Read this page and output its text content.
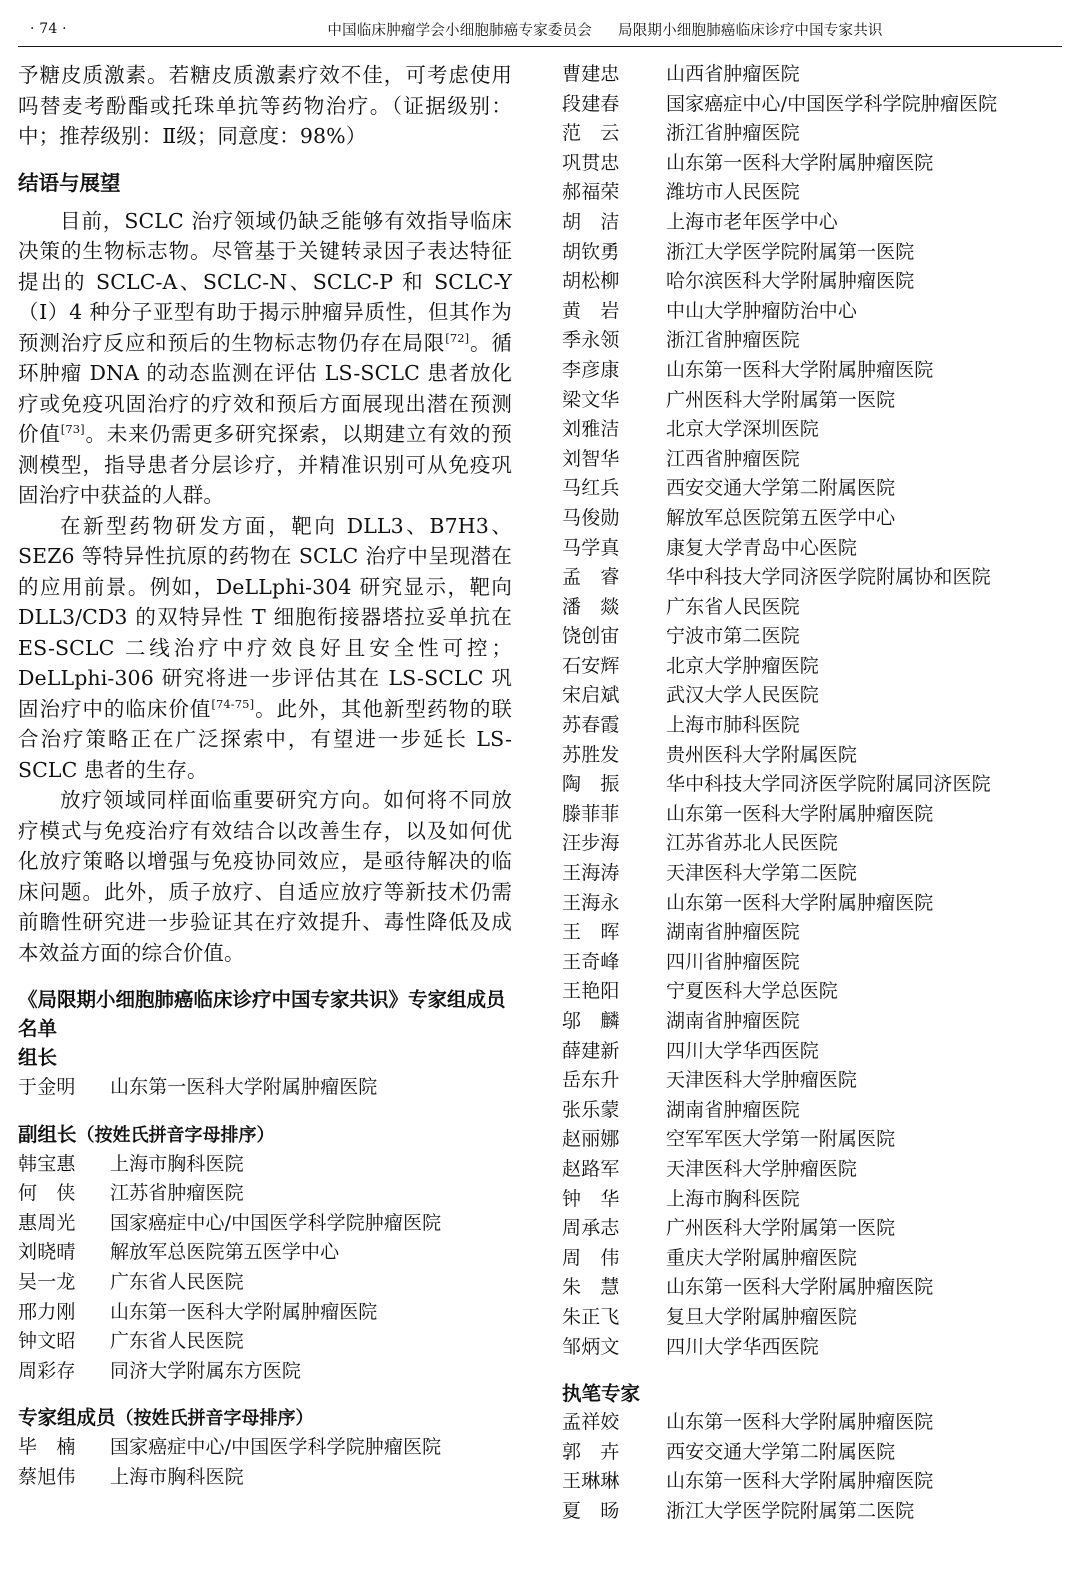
· 74 ·	中国临床肿瘤学会小细胞肺癌专家委员会 局限期小细胞肺癌临床诊疗中国专家共识

予糖皮质激素。若糖皮质激素疗效不佳，可考虑使用吗替麦考酚酯或托珠单抗等药物治疗。（证据级别：中；推荐级别：Ⅱ级；同意度：98%）

结语与展望

目前，SCLC 治疗领域仍缺乏能够有效指导临床决策的生物标志物。尽管基于关键转录因子表达特征提出的 SCLC-A、SCLC-N、SCLC-P 和 SCLC-Y（Ⅰ）4 种分子亚型有助于揭示肿瘤异质性，但其作为预测治疗反应和预后的生物标志物仍存在局限[72]。循环肿瘤 DNA 的动态监测在评估 LS-SCLC 患者放化疗或免疫巩固治疗的疗效和预后方面展现出潜在预测价值[73]。未来仍需更多研究探索，以期建立有效的预测模型，指导患者分层诊疗，并精准识别可从免疫巩固治疗中获益的人群。

在新型药物研发方面，靶向 DLL3、B7H3、SEZ6 等特异性抗原的药物在 SCLC 治疗中呈现潜在的应用前景。例如，DeLLphi-304 研究显示，靶向 DLL3/CD3 的双特异性 T 细胞衔接器塔拉妥单抗在 ES-SCLC 二线治疗中疗效良好且安全性可控；DeLLphi-306 研究将进一步评估其在 LS-SCLC 巩固治疗中的临床价值[74-75]。此外，其他新型药物的联合治疗策略正在广泛探索中，有望进一步延长 LS-SCLC 患者的生存。

放疗领域同样面临重要研究方向。如何将不同放疗模式与免疫治疗有效结合以改善生存，以及如何优化放疗策略以增强与免疫协同效应，是亟待解决的临床问题。此外，质子放疗、自适应放疗等新技术仍需前瞻性研究进一步验证其在疗效提升、毒性降低及成本效益方面的综合价值。

《局限期小细胞肺癌临床诊疗中国专家共识》专家组成员名单
组长
于金明	山东第一医科大学附属肿瘤医院
副组长（按姓氏拼音字母排序）
韩宝惠	上海市胸科医院
何　侠	江苏省肿瘤医院
惠周光	国家癌症中心/中国医学科学院肿瘤医院
刘晓晴	解放军总医院第五医学中心
吴一龙	广东省人民医院
邢力刚	山东第一医科大学附属肿瘤医院
钟文昭	广东省人民医院
周彩存	同济大学附属东方医院
专家组成员（按姓氏拼音字母排序）
毕　楠	国家癌症中心/中国医学科学院肿瘤医院
蔡旭伟	上海市胸科医院
曹建忠	山西省肿瘤医院
段建春	国家癌症中心/中国医学科学院肿瘤医院
范　云	浙江省肿瘤医院
巩贯忠	山东第一医科大学附属肿瘤医院
郝福荣	潍坊市人民医院
胡　洁	上海市老年医学中心
胡钦勇	浙江大学医学院附属第一医院
胡松柳	哈尔滨医科大学附属肿瘤医院
黄　岩	中山大学肿瘤防治中心
季永领	浙江省肿瘤医院
李彦康	山东第一医科大学附属肿瘤医院
梁文华	广州医科大学附属第一医院
刘雅洁	北京大学深圳医院
刘智华	江西省肿瘤医院
马红兵	西安交通大学第二附属医院
马俊勋	解放军总医院第五医学中心
马学真	康复大学青岛中心医院
孟　睿	华中科技大学同济医学院附属协和医院
潘　燚	广东省人民医院
饶创宙	宁波市第二医院
石安辉	北京大学肿瘤医院
宋启斌	武汉大学人民医院
苏春霞	上海市肺科医院
苏胜发	贵州医科大学附属医院
陶　振	华中科技大学同济医学院附属同济医院
滕菲菲	山东第一医科大学附属肿瘤医院
汪步海	江苏省苏北人民医院
王海涛	天津医科大学第二医院
王海永	山东第一医科大学附属肿瘤医院
王　晖	湖南省肿瘤医院
王奇峰	四川省肿瘤医院
王艳阳	宁夏医科大学总医院
邬　麟	湖南省肿瘤医院
薛建新	四川大学华西医院
岳东升	天津医科大学肿瘤医院
张乐蒙	湖南省肿瘤医院
赵丽娜	空军军医大学第一附属医院
赵路军	天津医科大学肿瘤医院
钟　华	上海市胸科医院
周承志	广州医科大学附属第一医院
周　伟	重庆大学附属肿瘤医院
朱　慧	山东第一医科大学附属肿瘤医院
朱正飞	复旦大学附属肿瘤医院
邹炳文	四川大学华西医院
执笔专家
孟祥姣	山东第一医科大学附属肿瘤医院
郭　卉	西安交通大学第二附属医院
王琳琳	山东第一医科大学附属肿瘤医院
夏　旸	浙江大学医学院附属第二医院
